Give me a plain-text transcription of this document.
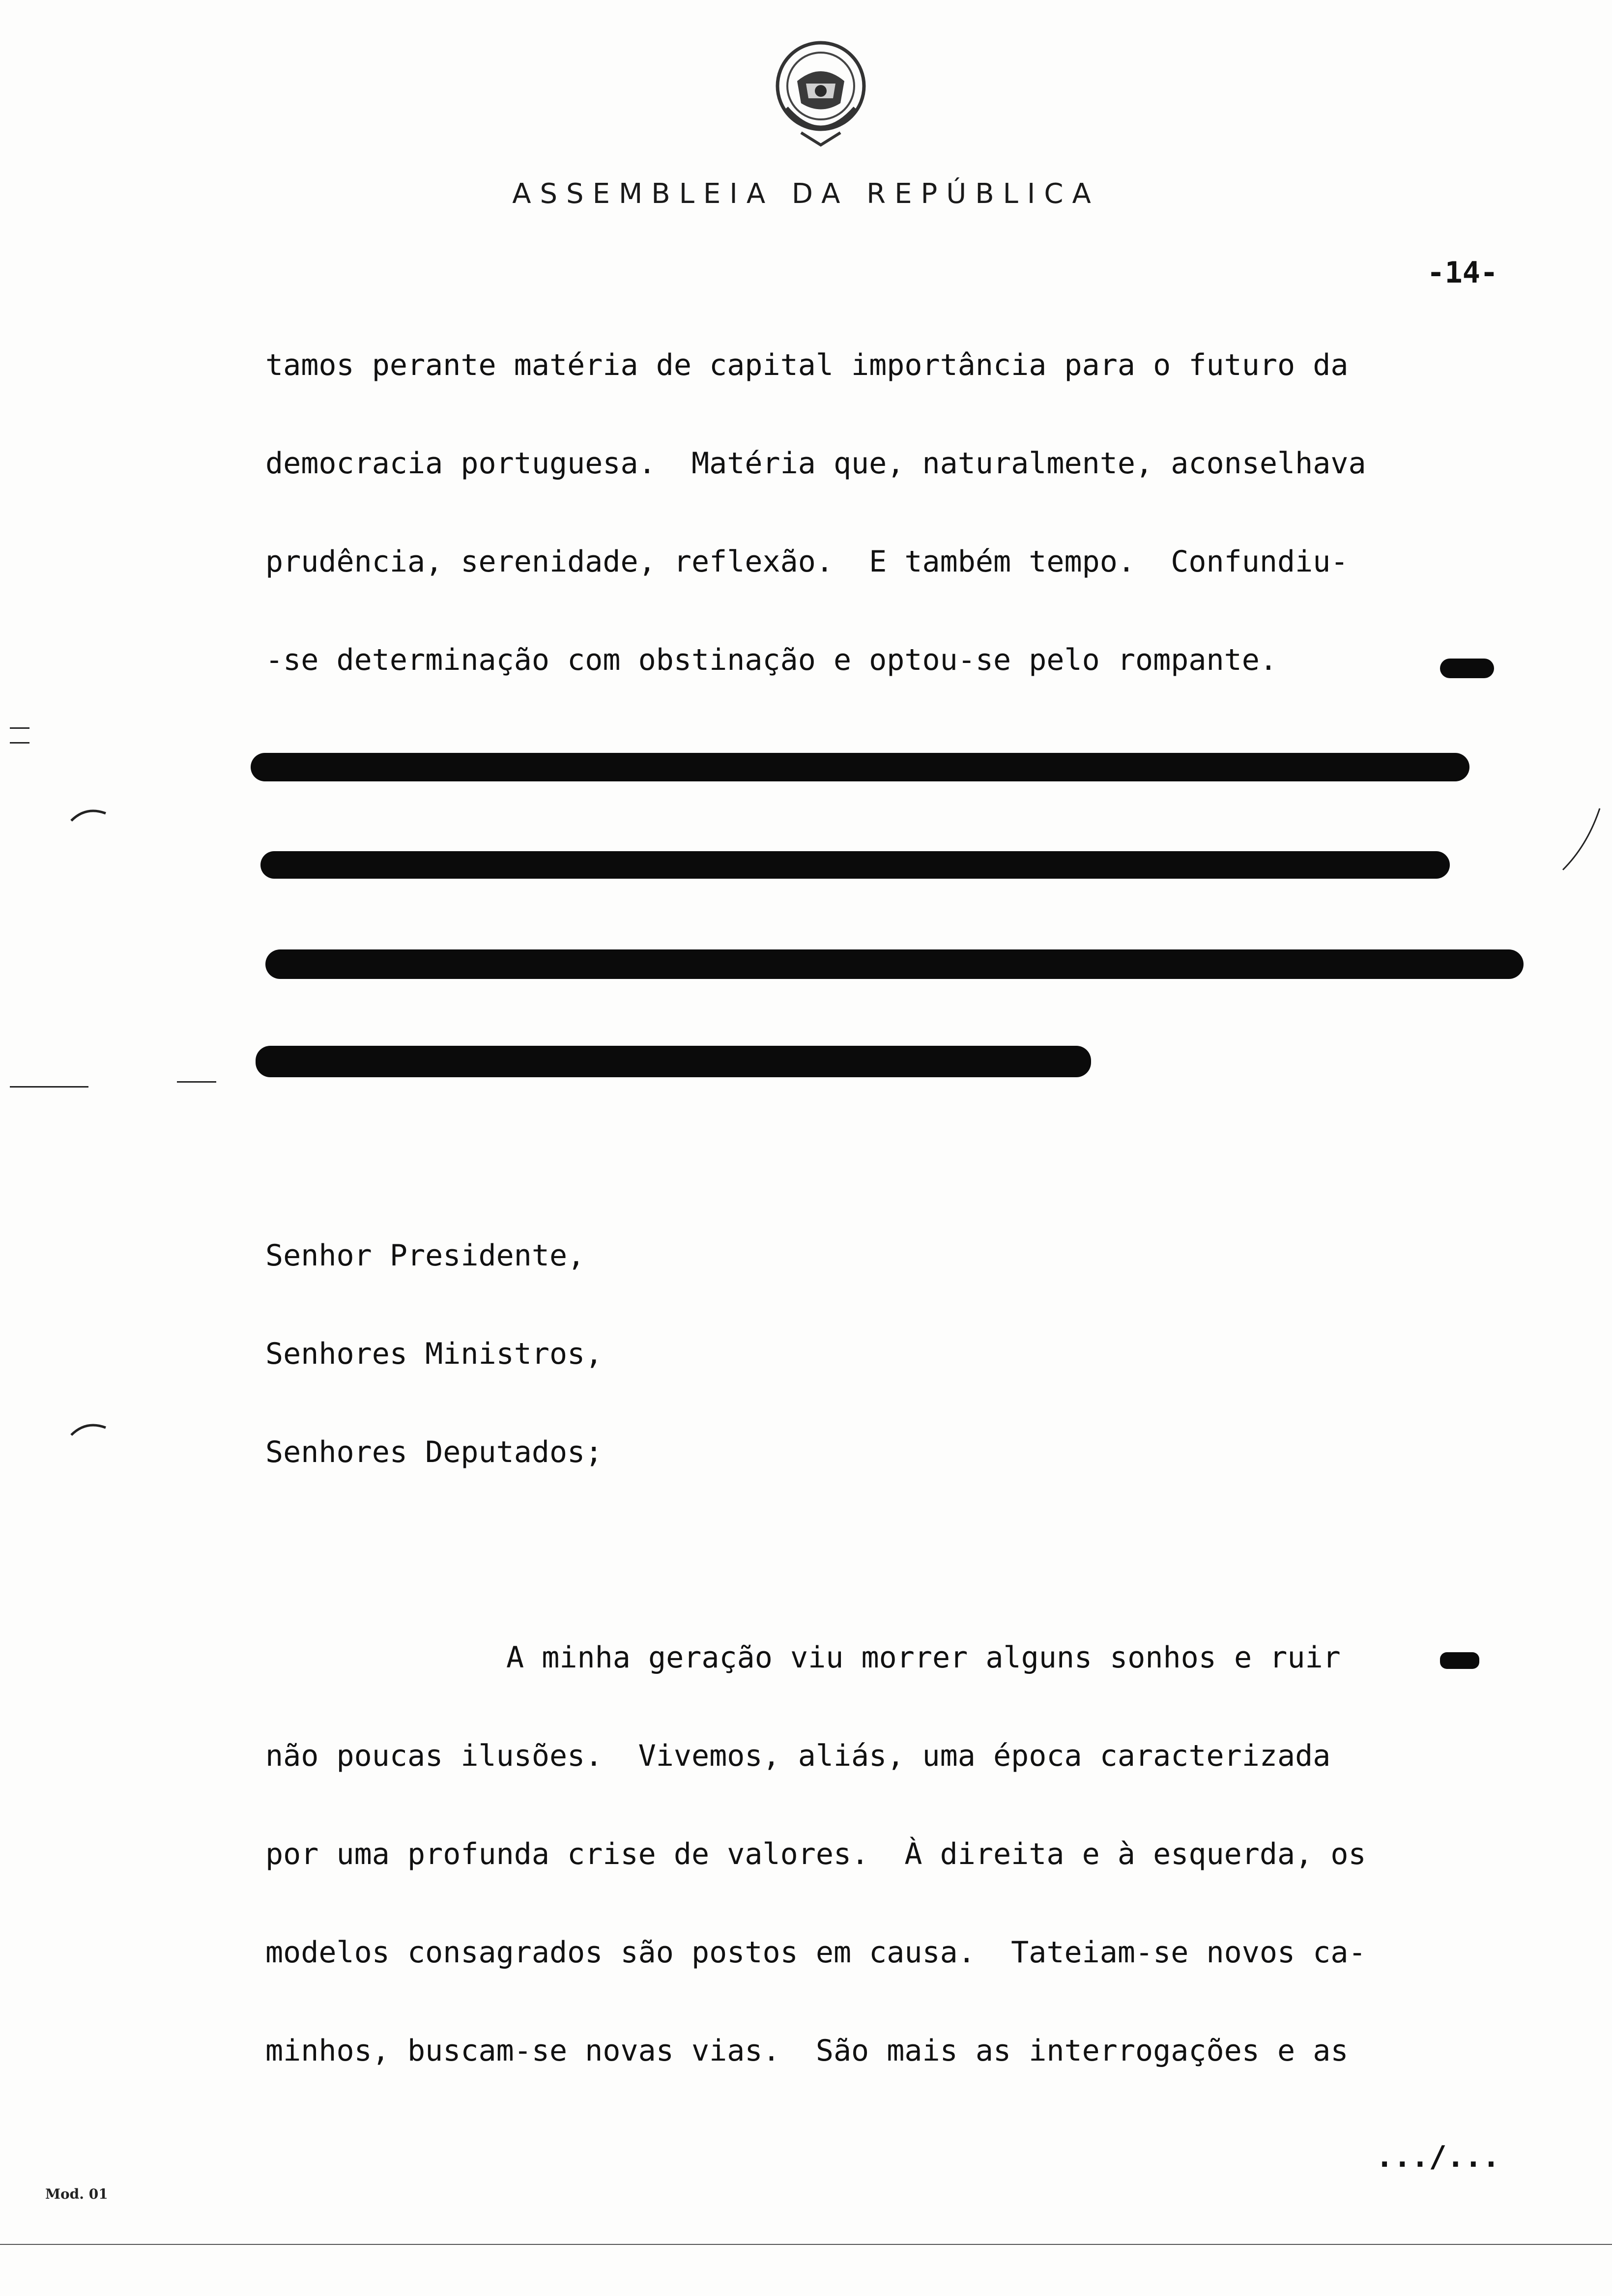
ASSEMBLEIA DA REPÚBLICA
-14-
tamos perante matéria de capital importância para o futuro da
democracia portuguesa.  Matéria que, naturalmente, aconselhava
prudência, serenidade, reflexão.  E também tempo.  Confundiu-
-se determinação com obstinação e optou-se pelo rompante.
Senhor Presidente,
Senhores Ministros,
Senhores Deputados;
A minha geração viu morrer alguns sonhos e ruir
não poucas ilusões.  Vivemos, aliás, uma época caracterizada
por uma profunda crise de valores.  À direita e à esquerda, os
modelos consagrados são postos em causa.  Tateiam-se novos ca-
minhos, buscam-se novas vias.  São mais as interrogações e as
.../...
Mod. 01
